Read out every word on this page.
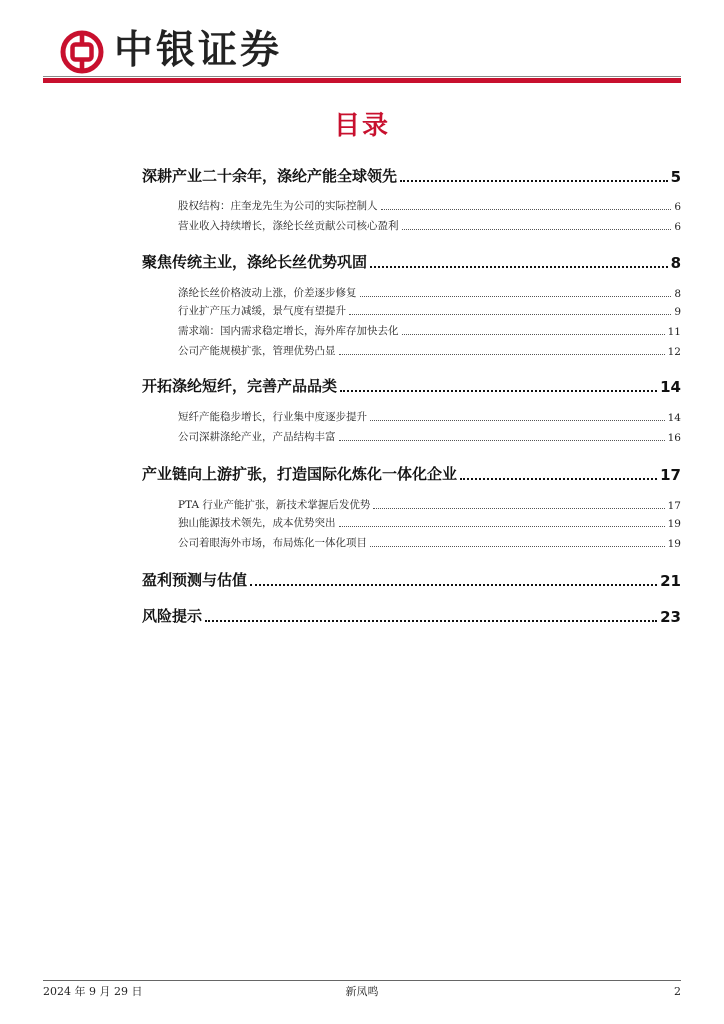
中银证券
目录
深耕产业二十余年，涤纶产能全球领先	5
股权结构：庄奎龙先生为公司的实际控制人	6
营业收入持续增长，涤纶长丝贡献公司核心盈利	6
聚焦传统主业，涤纶长丝优势巩固	8
涤纶长丝价格波动上涨，价差逐步修复	8
行业扩产压力减缓，景气度有望提升	9
需求端：国内需求稳定增长，海外库存加快去化	11
公司产能规模扩张，管理优势凸显	12
开拓涤纶短纤，完善产品品类	14
短纤产能稳步增长，行业集中度逐步提升	14
公司深耕涤纶产业，产品结构丰富	16
产业链向上游扩张，打造国际化炼化一体化企业	17
PTA 行业产能扩张，新技术掌握后发优势	17
独山能源技术领先，成本优势突出	19
公司着眼海外市场，布局炼化一体化项目	19
盈利预测与估值	21
风险提示	23
2024 年 9 月 29 日	新凤鸣	2
